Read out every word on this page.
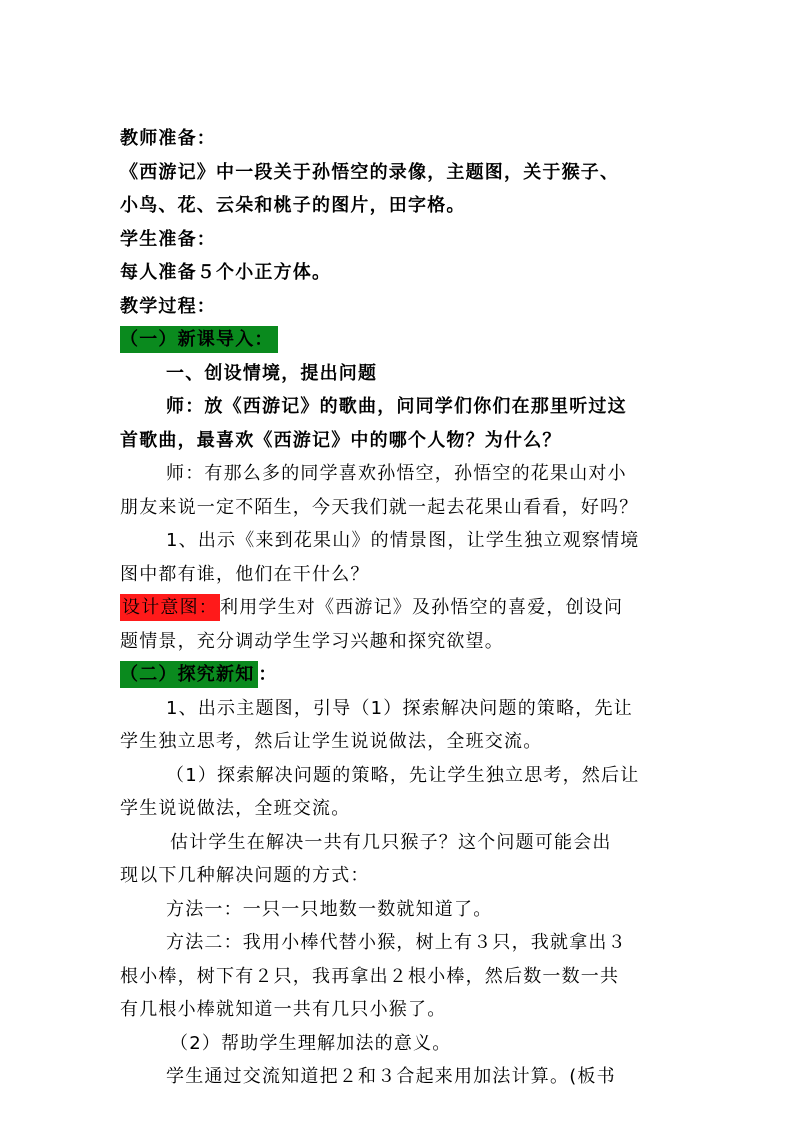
教师准备：
《西游记》中一段关于孙悟空的录像，主题图，关于猴子、
小鸟、花、云朵和桃子的图片，田字格。
学生准备：
每人准备５个小正方体。
教学过程：
（一）新课导入：
一、创设情境，提出问题
师：放《西游记》的歌曲，问同学们你们在那里听过这
首歌曲，最喜欢《西游记》中的哪个人物？为什么？
师：有那么多的同学喜欢孙悟空，孙悟空的花果山对小
朋友来说一定不陌生，今天我们就一起去花果山看看，好吗？
1、出示《来到花果山》的情景图，让学生独立观察情境
图中都有谁，他们在干什么？
设计意图： 利用学生对《西游记》及孙悟空的喜爱，创设问
题情景，充分调动学生学习兴趣和探究欲望。
（二）探究新知 ：
1、出示主题图，引导（1）探索解决问题的策略，先让
学生独立思考，然后让学生说说做法，全班交流。
（1）探索解决问题的策略，先让学生独立思考，然后让
学生说说做法，全班交流。
估计学生在解决一共有几只猴子？这个问题可能会出
现以下几种解决问题的方式：
方法一：一只一只地数一数就知道了。
方法二：我用小棒代替小猴，树上有３只，我就拿出３
根小棒，树下有２只，我再拿出２根小棒，然后数一数一共
有几根小棒就知道一共有几只小猴了。
（2）帮助学生理解加法的意义。
学生通过交流知道把２和３合起来用加法计算。(板书
